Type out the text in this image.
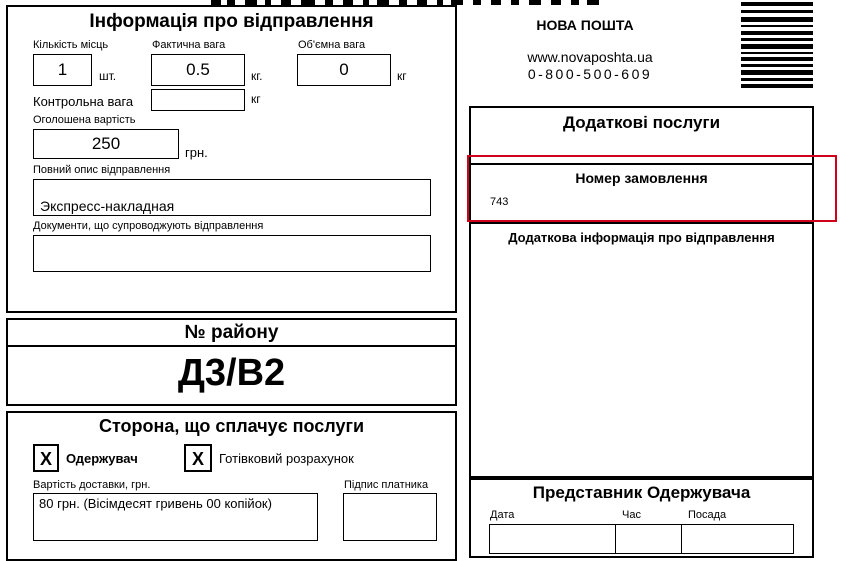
НОВА ПОШТА
www.novaposhta.ua
0-800-500-609
Інформація про відправлення
Кількість місць
1	шт.
Фактична вага
0.5	кг.
Об'ємна вага
0	кг
Контрольна вага	кг
Оголошена вартість
250	грн.
Повний опис відправлення
Экспресс-накладная
Документи, що супроводжують відправлення
№ району
Д3/В2
Сторона, що сплачує послуги
X	Одержувач	X	Готівковий розрахунок
Вартість доставки, грн.
80 грн. (Вісімдесят гривень 00 копійок)
Підпис платника
Додаткові послуги
Номер замовлення
743
Додаткова інформація про відправлення
Представник Одержувача
Дата	Час	Посада
